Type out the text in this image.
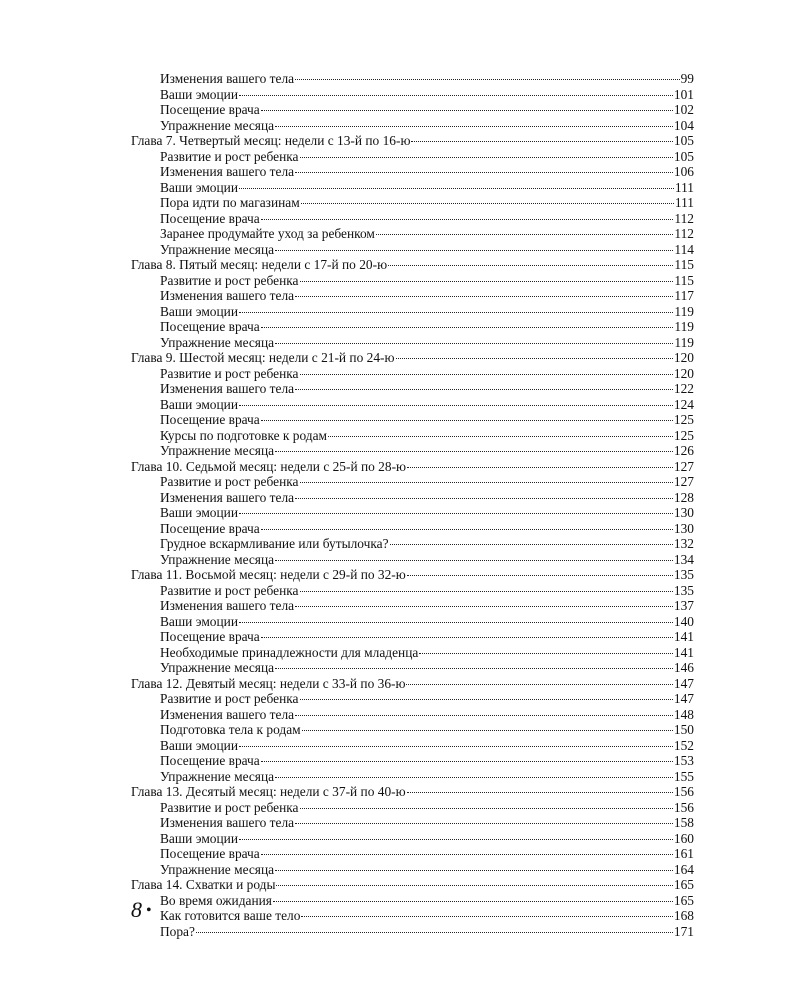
Изменения вашего тела	99
Ваши эмоции	101
Посещение врача	102
Упражнение месяца	104
Глава 7. Четвертый месяц: недели с 13-й по 16-ю	105
Развитие и рост ребенка	105
Изменения вашего тела	106
Ваши эмоции	111
Пора идти по магазинам	111
Посещение врача	112
Заранее продумайте уход за ребенком	112
Упражнение месяца	114
Глава 8. Пятый месяц: недели с 17-й по 20-ю	115
Развитие и рост ребенка	115
Изменения вашего тела	117
Ваши эмоции	119
Посещение врача	119
Упражнение месяца	119
Глава 9. Шестой месяц: недели с 21-й по 24-ю	120
Развитие и рост ребенка	120
Изменения вашего тела	122
Ваши эмоции	124
Посещение врача	125
Курсы по подготовке к родам	125
Упражнение месяца	126
Глава 10. Седьмой месяц: недели с 25-й по 28-ю	127
Развитие и рост ребенка	127
Изменения вашего тела	128
Ваши эмоции	130
Посещение врача	130
Грудное вскармливание или бутылочка?	132
Упражнение месяца	134
Глава 11. Восьмой месяц: недели с 29-й по 32-ю	135
Развитие и рост ребенка	135
Изменения вашего тела	137
Ваши эмоции	140
Посещение врача	141
Необходимые принадлежности для младенца	141
Упражнение месяца	146
Глава 12. Девятый месяц: недели с 33-й по 36-ю	147
Развитие и рост ребенка	147
Изменения вашего тела	148
Подготовка тела к родам	150
Ваши эмоции	152
Посещение врача	153
Упражнение месяца	155
Глава 13. Десятый месяц: недели с 37-й по 40-ю	156
Развитие и рост ребенка	156
Изменения вашего тела	158
Ваши эмоции	160
Посещение врача	161
Упражнение месяца	164
Глава 14. Схватки и роды	165
Во время ожидания	165
Как готовится ваше тело	168
Пора?	171
8 •
